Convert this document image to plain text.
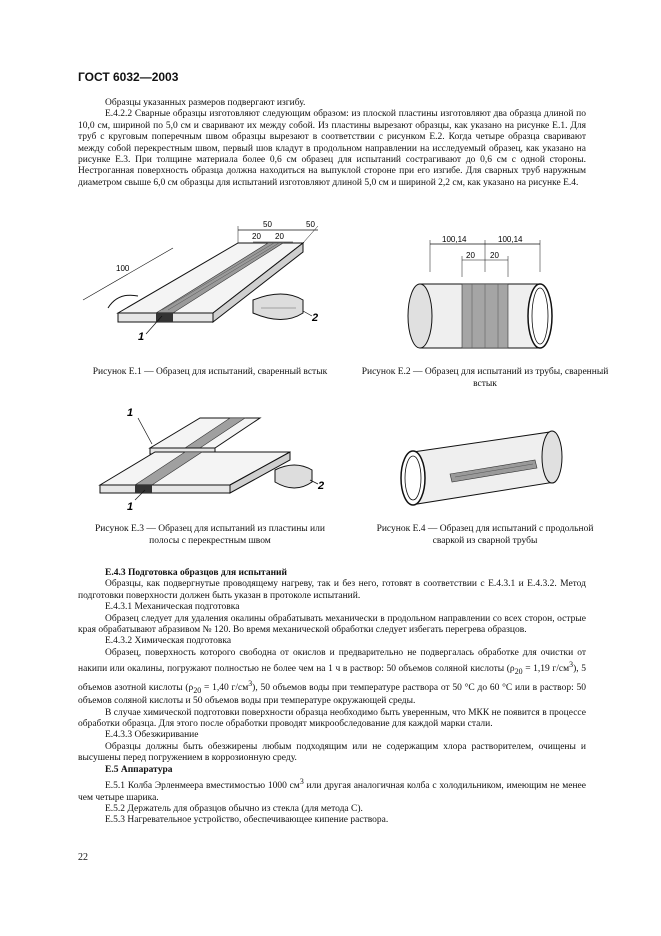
ГОСТ 6032—2003

Образцы указанных размеров подвергают изгибу.

Е.4.2.2 Сварные образцы изготовляют следующим образом: из плоской пластины изготовляют два образца длиной по 10,0 см, шириной по 5,0 см и сваривают их между собой. Из пластины вырезают образцы, как указано на рисунке Е.1. Для труб с круговым поперечным швом образцы вырезают в соответствии с рисунком Е.2. Когда четыре образца сваривают между собой перекрестным швом, первый шов кладут в продольном направлении на исследуемый образец, как указано на рисунке Е.3. При толщине материала более 0,6 см образец для испытаний сострагивают до 0,6 см с одной стороны. Нестроганная поверхность образца должна находиться на выпуклой стороне при его изгибе. Для сварных труб наружным диаметром свыше 6,0 см образцы для испытаний изготовляют длиной 5,0 см и шириной 2,2 см, как указано на рисунке Е.4.

50	50
20 20
100
1
2
Рисунок Е.1 — Образец для испытаний, сваренный встык
100,14	100,14
20 20
Рисунок Е.2 — Образец для испытаний из трубы, сваренный встык
1
1
2
Рисунок Е.3 — Образец для испытаний из пластины или полосы с перекрестным швом
Рисунок Е.4 — Образец для испытаний с продольной сваркой из сварной трубы

Е.4.3 Подготовка образцов для испытаний

Образцы, как подвергнутые проводящему нагреву, так и без него, готовят в соответствии с Е.4.3.1 и Е.4.3.2. Метод подготовки поверхности должен быть указан в протоколе испытаний.

Е.4.3.1 Механическая подготовка

Образец следует для удаления окалины обрабатывать механически в продольном направлении со всех сторон, острые края обрабатывают абразивом № 120. Во время механической обработки следует избегать перегрева образцов.

Е.4.3.2 Химическая подготовка

Образец, поверхность которого свободна от окислов и предварительно не подвергалась обработке для очистки от накипи или окалины, погружают полностью не более чем на 1 ч в раствор: 50 объемов соляной кислоты ($\rho_{20} = 1,19$ $г/см^3$), 5 объемов азотной кислоты ($\rho_{20} = 1,40$ $г/см^3$), 50 объемов воды при температуре раствора от 50 °С до 60 °С или в раствор: 50 объемов соляной кислоты и 50 объемов воды при температуре окружающей среды.

В случае химической подготовки поверхности образца необходимо быть уверенным, что МКК не появится в процессе обработки образца. Для этого после обработки проводят микрообследование для каждой марки стали.

Е.4.3.3 Обезжиривание

Образцы должны быть обезжирены любым подходящим или не содержащим хлора растворителем, очищены и высушены перед погружением в коррозионную среду.

Е.5 Аппаратура

Е.5.1 Колба Эрленмеера вместимостью 1000 $см^3$ или другая аналогичная колба с холодильником, имеющим не менее чем четыре шарика.

Е.5.2 Держатель для образцов обычно из стекла (для метода С).

Е.5.3 Нагревательное устройство, обеспечивающее кипение раствора.

22
